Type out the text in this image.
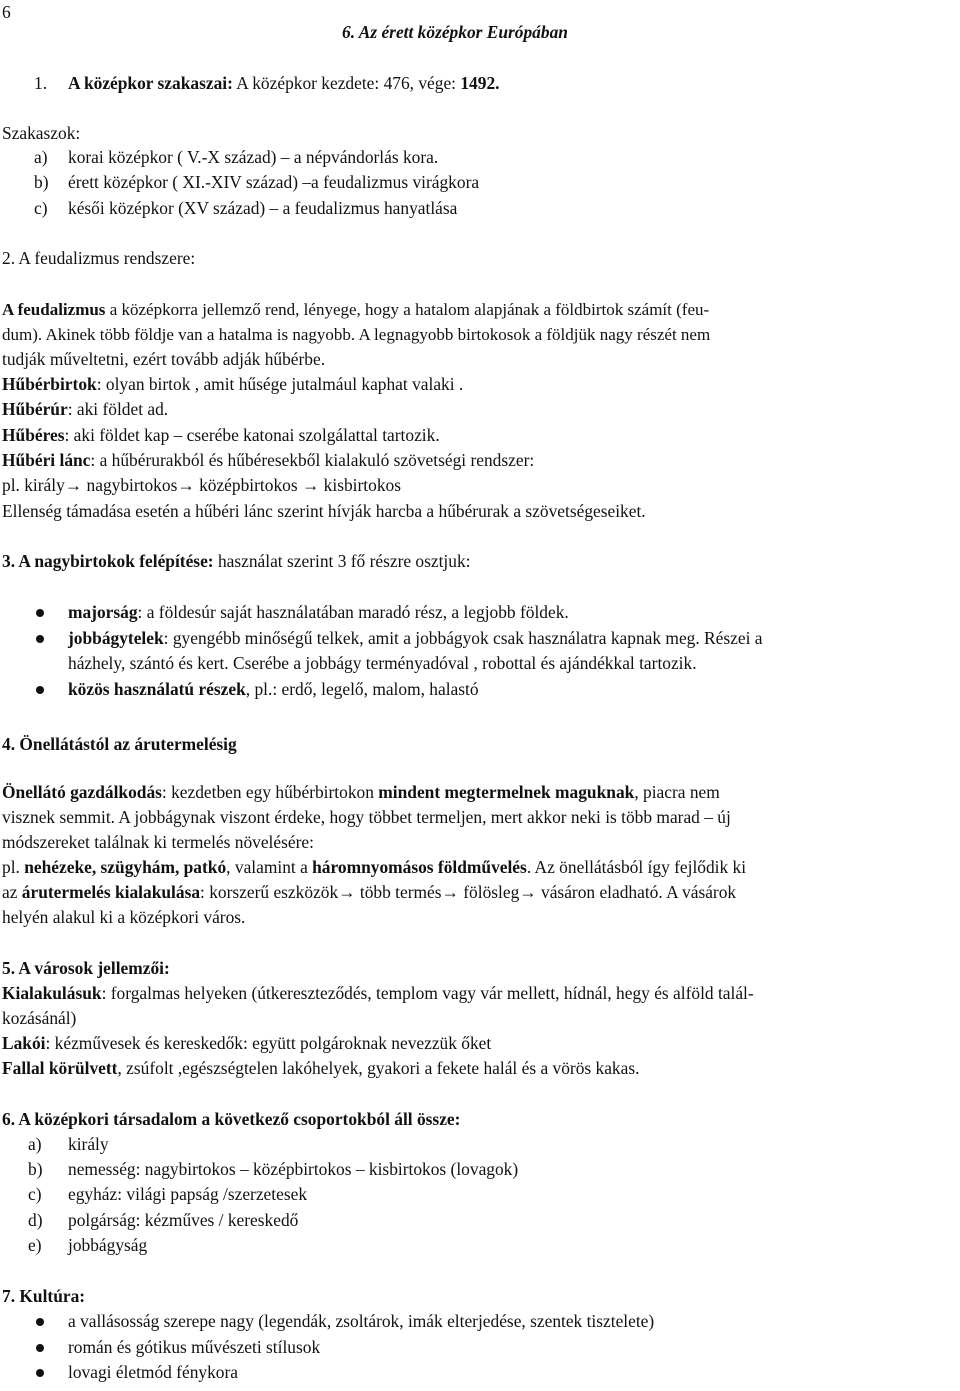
6
6. Az érett középkor Európában
1. A középkor szakaszai: A középkor kezdete: 476, vége: 1492.
Szakaszok:
a) korai középkor ( V.-X század) – a népvándorlás kora.
b) érett középkor ( XI.-XIV század) –a feudalizmus virágkora
c) késői középkor (XV század) – a feudalizmus hanyatlása
2. A feudalizmus rendszere:
A feudalizmus a középkorra jellemző rend, lényege, hogy a hatalom alapjának a földbirtok számít (feu-
dum). Akinek több földje van a hatalma is nagyobb. A legnagyobb birtokosok a földjük nagy részét nem
tudják műveltetni, ezért tovább adják hűbérbe.
Hűbérbirtok: olyan birtok , amit hűsége jutalmául kaphat valaki .
Hűbérúr: aki földet ad.
Hűbéres: aki földet kap – cserébe katonai szolgálattal tartozik.
Hűbéri lánc: a hűbérurakból és hűbéresekből kialakuló szövetségi rendszer:
pl. király→ nagybirtokos→ középbirtokos → kisbirtokos
Ellenség támadása esetén a hűbéri lánc szerint hívják harcba a hűbérurak a szövetségeseiket.
3. A nagybirtokok felépítése: használat szerint 3 fő részre osztjuk:
majorság: a földesúr saját használatában maradó rész, a legjobb földek.
jobbágytelek: gyengébb minőségű telkek, amit a jobbágyok csak használatra kapnak meg. Részei a
házhely, szántó és kert. Cserébe a jobbágy terményadóval , robottal és ajándékkal tartozik.
közös használatú részek, pl.: erdő, legelő, malom, halastó
4. Önellátástól az árutermelésig
Önellátó gazdálkodás: kezdetben egy hűbérbirtokon mindent megtermelnek maguknak, piacra nem
visznek semmit. A jobbágynak viszont érdeke, hogy többet termeljen, mert akkor neki is több marad – új
módszereket találnak ki termelés növelésére:
pl. nehézeke, szügyhám, patkó, valamint a háromnyomásos földművelés. Az önellátásból így fejlődik ki
az árutermelés kialakulása: korszerű eszközök→ több termés→ fölösleg→ vásáron eladható. A vásárok
helyén alakul ki a középkori város.
5. A városok jellemzői:
Kialakulásuk: forgalmas helyeken (útkereszteződés, templom vagy vár mellett, hídnál, hegy és alföld talál-
kozásánál)
Lakói: kézművesek és kereskedők: együtt polgároknak nevezzük őket
Fallal körülvett, zsúfolt ,egészségtelen lakóhelyek, gyakori a fekete halál és a vörös kakas.
6. A középkori társadalom a következő csoportokból áll össze:
a) király
b) nemesség: nagybirtokos – középbirtokos – kisbirtokos (lovagok)
c) egyház: világi papság /szerzetesek
d) polgárság: kézműves / kereskedő
e) jobbágyság
7. Kultúra:
a vallásosság szerepe nagy (legendák, zsoltárok, imák elterjedése, szentek tisztelete)
román és gótikus művészeti stílusok
lovagi életmód fénykora
